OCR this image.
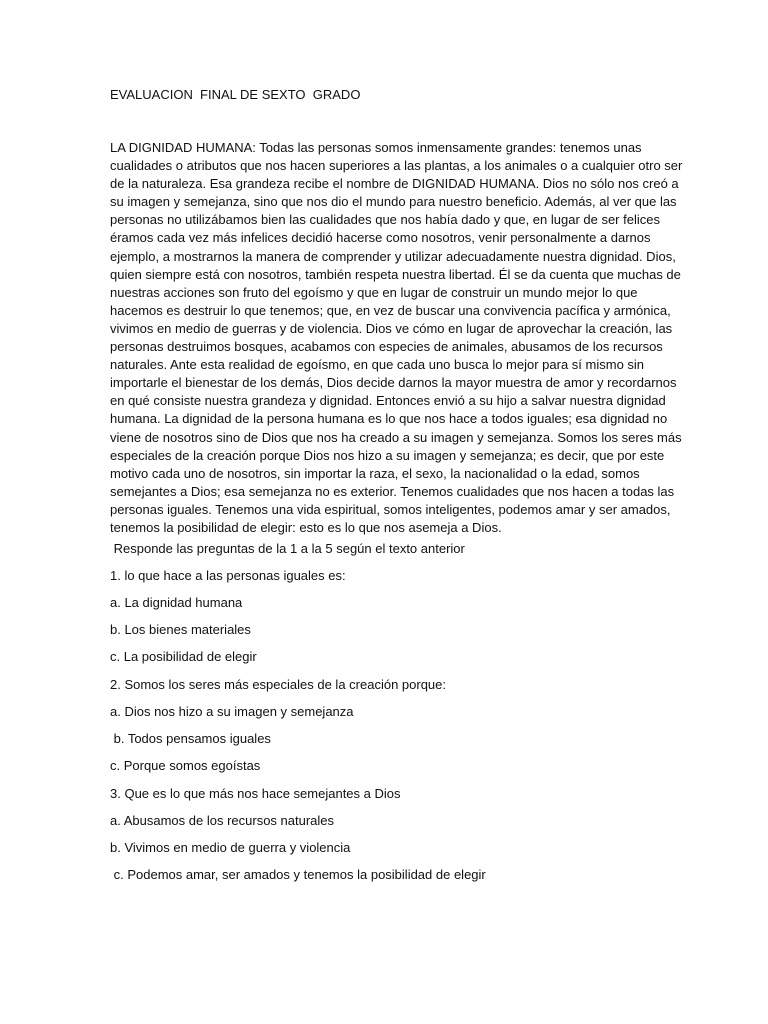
EVALUACION  FINAL DE SEXTO  GRADO

LA DIGNIDAD HUMANA: Todas las personas somos inmensamente grandes: tenemos unas cualidades o atributos que nos hacen superiores a las plantas, a los animales o a cualquier otro ser de la naturaleza. Esa grandeza recibe el nombre de DIGNIDAD HUMANA. Dios no sólo nos creó a su imagen y semejanza, sino que nos dio el mundo para nuestro beneficio. Además, al ver que las personas no utilizábamos bien las cualidades que nos había dado y que, en lugar de ser felices éramos cada vez más infelices decidió hacerse como nosotros, venir personalmente a darnos ejemplo, a mostrarnos la manera de comprender y utilizar adecuadamente nuestra dignidad. Dios, quien siempre está con nosotros, también respeta nuestra libertad. Él se da cuenta que muchas de nuestras acciones son fruto del egoísmo y que en lugar de construir un mundo mejor lo que hacemos es destruir lo que tenemos; que, en vez de buscar una convivencia pacífica y armónica, vivimos en medio de guerras y de violencia. Dios ve cómo en lugar de aprovechar la creación, las personas destruimos bosques, acabamos con especies de animales, abusamos de los recursos naturales. Ante esta realidad de egoísmo, en que cada uno busca lo mejor para sí mismo sin importarle el bienestar de los demás, Dios decide darnos la mayor muestra de amor y recordarnos en qué consiste nuestra grandeza y dignidad. Entonces envió a su hijo a salvar nuestra dignidad humana. La dignidad de la persona humana es lo que nos hace a todos iguales; esa dignidad no viene de nosotros sino de Dios que nos ha creado a su imagen y semejanza. Somos los seres más especiales de la creación porque Dios nos hizo a su imagen y semejanza; es decir, que por este motivo cada uno de nosotros, sin importar la raza, el sexo, la nacionalidad o la edad, somos semejantes a Dios; esa semejanza no es exterior. Tenemos cualidades que nos hacen a todas las personas iguales. Tenemos una vida espiritual, somos inteligentes, podemos amar y ser amados, tenemos la posibilidad de elegir: esto es lo que nos asemeja a Dios.

Responde las preguntas de la 1 a la 5 según el texto anterior

1. lo que hace a las personas iguales es:

a. La dignidad humana

b. Los bienes materiales

c. La posibilidad de elegir

2. Somos los seres más especiales de la creación porque:

a. Dios nos hizo a su imagen y semejanza

b. Todos pensamos iguales

c. Porque somos egoístas

3. Que es lo que más nos hace semejantes a Dios

a. Abusamos de los recursos naturales

b. Vivimos en medio de guerra y violencia

c. Podemos amar, ser amados y tenemos la posibilidad de elegir
